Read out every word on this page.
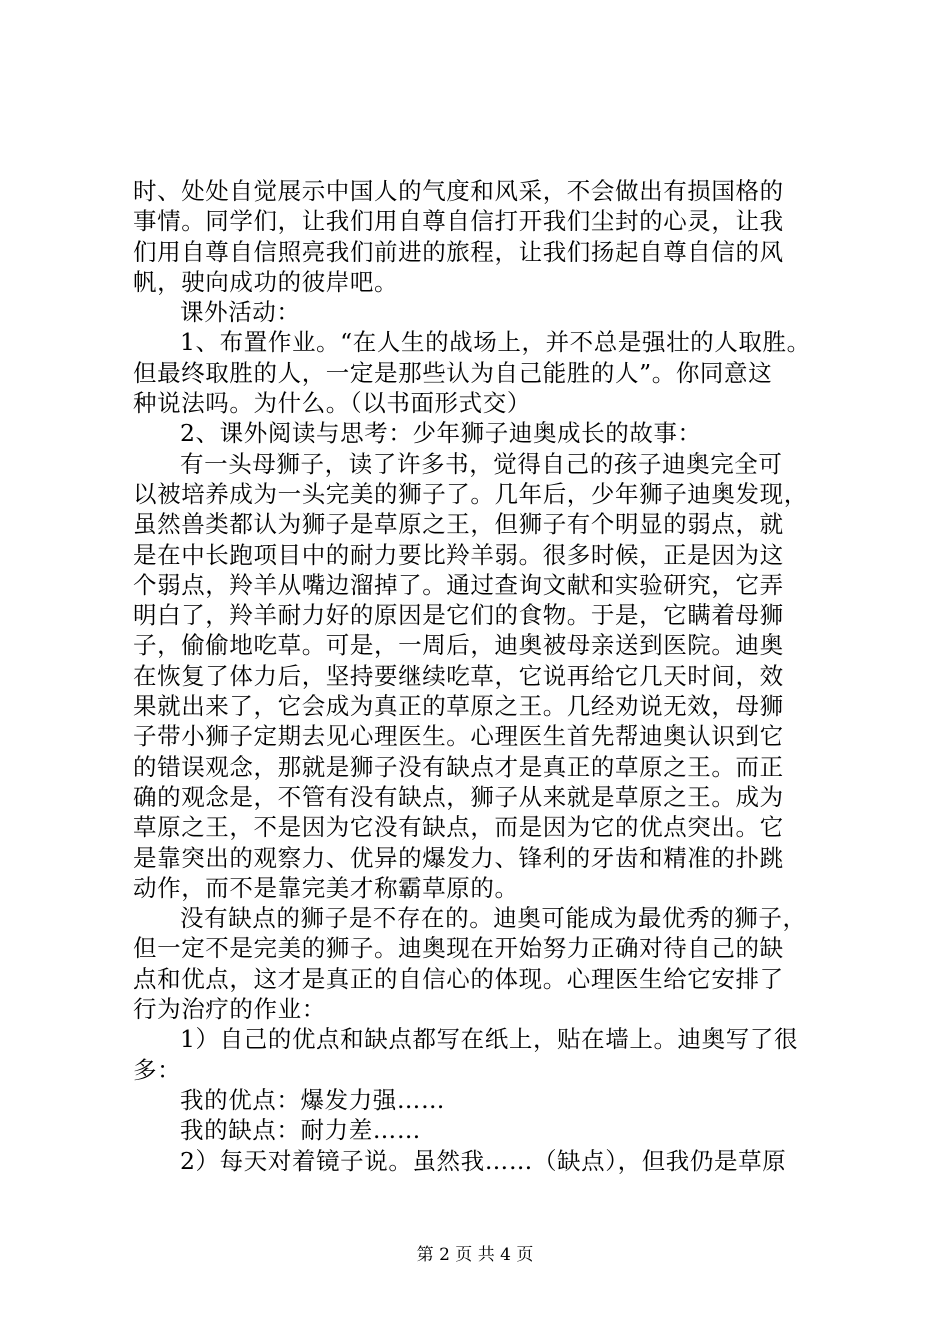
时、处处自觉展示中国人的气度和风采，不会做出有损国格的
事情。同学们，让我们用自尊自信打开我们尘封的心灵，让我
们用自尊自信照亮我们前进的旅程，让我们扬起自尊自信的风
帆，驶向成功的彼岸吧。
课外活动：
1、布置作业。“在人生的战场上，并不总是强壮的人取胜。
但最终取胜的人，一定是那些认为自己能胜的人”。你同意这
种说法吗。为什么。（以书面形式交）
2、课外阅读与思考：少年狮子迪奥成长的故事：
有一头母狮子，读了许多书，觉得自己的孩子迪奥完全可
以被培养成为一头完美的狮子了。几年后，少年狮子迪奥发现，
虽然兽类都认为狮子是草原之王，但狮子有个明显的弱点，就
是在中长跑项目中的耐力要比羚羊弱。很多时候，正是因为这
个弱点，羚羊从嘴边溜掉了。通过查询文献和实验研究，它弄
明白了，羚羊耐力好的原因是它们的食物。于是，它瞒着母狮
子，偷偷地吃草。可是，一周后，迪奥被母亲送到医院。迪奥
在恢复了体力后，坚持要继续吃草，它说再给它几天时间，效
果就出来了，它会成为真正的草原之王。几经劝说无效，母狮
子带小狮子定期去见心理医生。心理医生首先帮迪奥认识到它
的错误观念，那就是狮子没有缺点才是真正的草原之王。而正
确的观念是，不管有没有缺点，狮子从来就是草原之王。成为
草原之王，不是因为它没有缺点，而是因为它的优点突出。它
是靠突出的观察力、优异的爆发力、锋利的牙齿和精准的扑跳
动作，而不是靠完美才称霸草原的。
没有缺点的狮子是不存在的。迪奥可能成为最优秀的狮子，
但一定不是完美的狮子。迪奥现在开始努力正确对待自己的缺
点和优点，这才是真正的自信心的体现。心理医生给它安排了
行为治疗的作业：
1）自己的优点和缺点都写在纸上，贴在墙上。迪奥写了很
多：
我的优点：爆发力强……
我的缺点：耐力差……
2）每天对着镜子说。虽然我……（缺点），但我仍是草原
第 2 页 共 4 页
